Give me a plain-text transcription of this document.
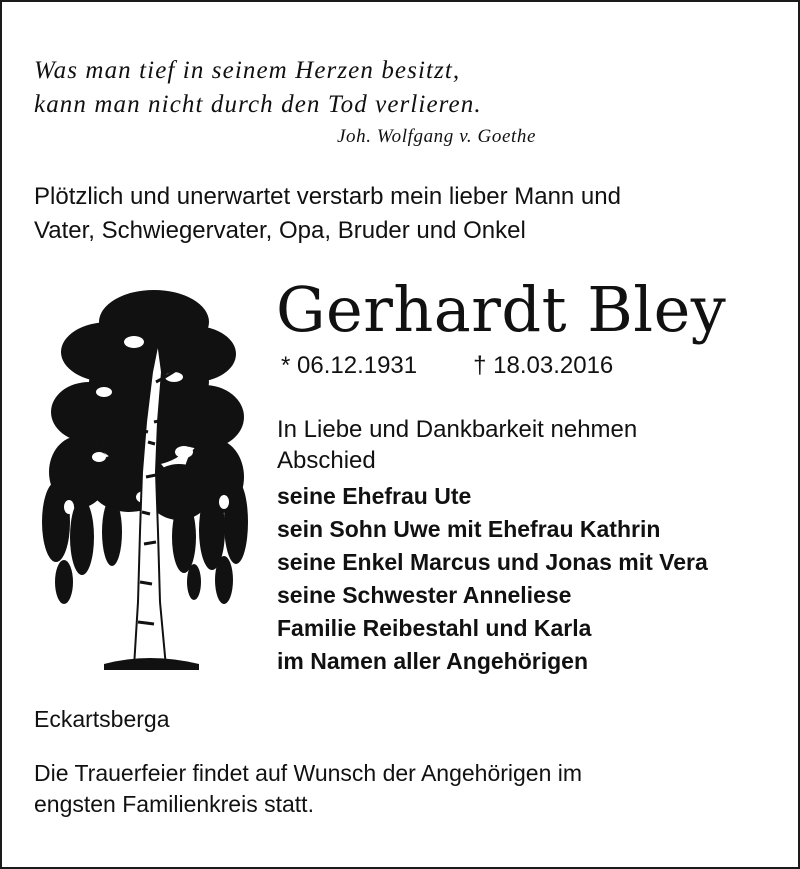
Was man tief in seinem Herzen besitzt,
kann man nicht durch den Tod verlieren.
Joh. Wolfgang v. Goethe
Plötzlich und unerwartet verstarb mein lieber Mann und
Vater, Schwiegervater, Opa, Bruder und Onkel
Gerhardt Bley
* 06.12.1931 † 18.03.2016
In Liebe und Dankbarkeit nehmen
Abschied
seine Ehefrau Ute
sein Sohn Uwe mit Ehefrau Kathrin
seine Enkel Marcus und Jonas mit Vera
seine Schwester Anneliese
Familie Reibestahl und Karla
im Namen aller Angehörigen
Eckartsberga
Die Trauerfeier findet auf Wunsch der Angehörigen im
engsten Familienkreis statt.
